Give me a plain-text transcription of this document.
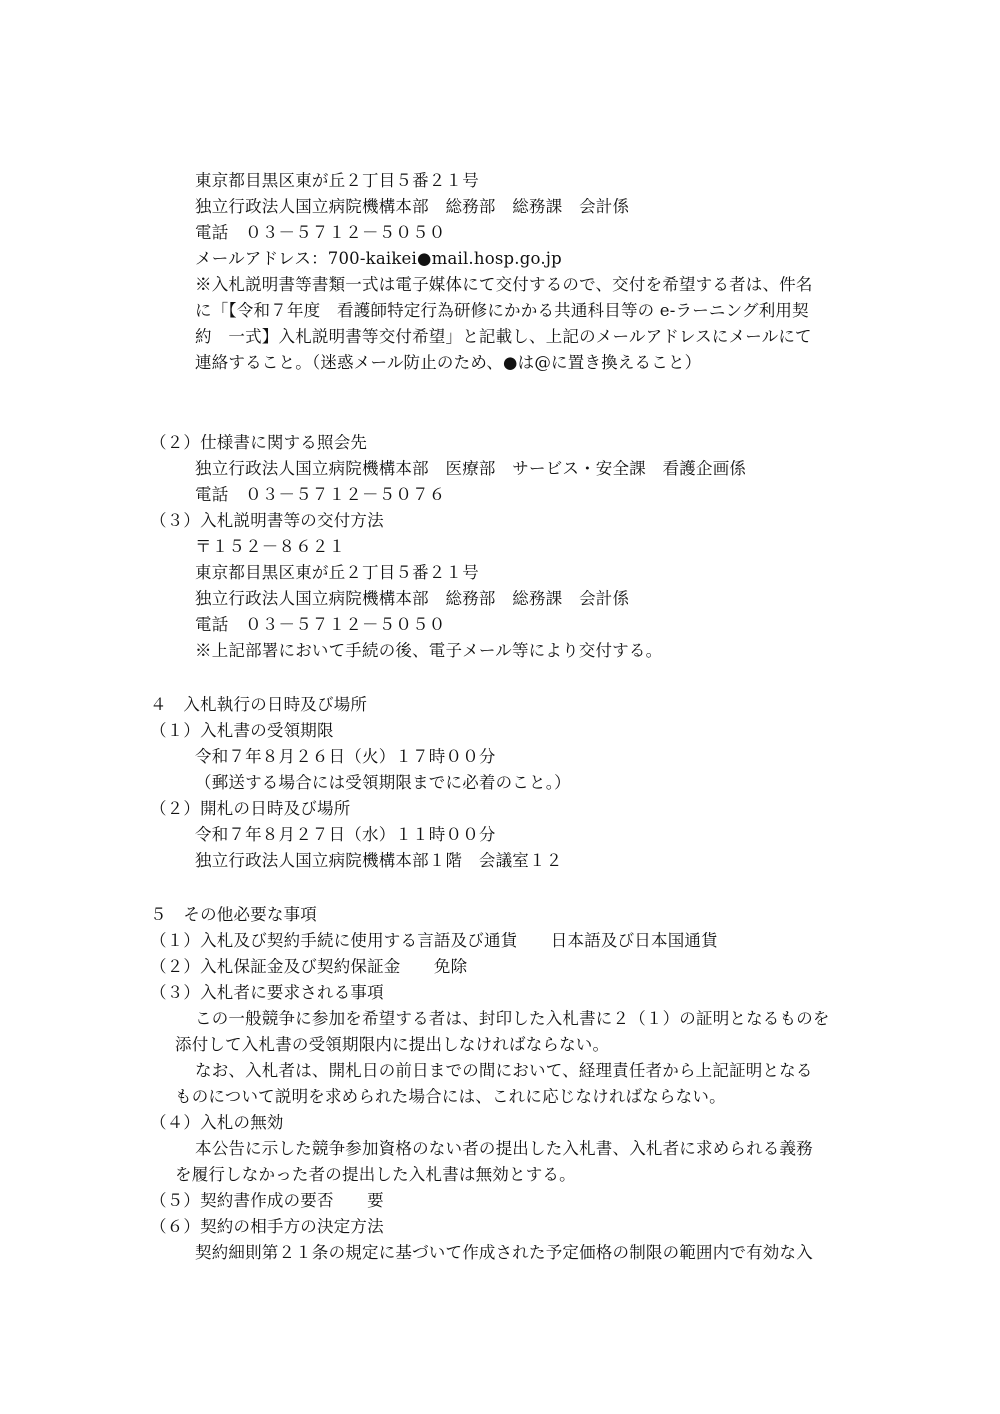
東京都目黒区東が丘２丁目５番２１号
独立行政法人国立病院機構本部　総務部　総務課　会計係
電話　０３－５７１２－５０５０
メールアドレス：700-kaikei●mail.hosp.go.jp
※入札説明書等書類一式は電子媒体にて交付するので、交付を希望する者は、件名
に「【令和７年度　看護師特定行為研修にかかる共通科目等の e-ラーニング利用契
約　一式】入札説明書等交付希望」と記載し、上記のメールアドレスにメールにて
連絡すること。（迷惑メール防止のため、●は@に置き換えること）
（２）仕様書に関する照会先
独立行政法人国立病院機構本部　医療部　サービス・安全課　看護企画係
電話　０３－５７１２－５０７６
（３）入札説明書等の交付方法
〒１５２－８６２１
東京都目黒区東が丘２丁目５番２１号
独立行政法人国立病院機構本部　総務部　総務課　会計係
電話　０３－５７１２－５０５０
※上記部署において手続の後、電子メール等により交付する。
４　入札執行の日時及び場所
（１）入札書の受領期限
令和７年８月２６日（火）１７時００分
（郵送する場合には受領期限までに必着のこと。）
（２）開札の日時及び場所
令和７年８月２７日（水）１１時００分
独立行政法人国立病院機構本部１階　会議室１２
５　その他必要な事項
（１）入札及び契約手続に使用する言語及び通貨　　日本語及び日本国通貨
（２）入札保証金及び契約保証金　　免除
（３）入札者に要求される事項
この一般競争に参加を希望する者は、封印した入札書に２（１）の証明となるものを
添付して入札書の受領期限内に提出しなければならない。
なお、入札者は、開札日の前日までの間において、経理責任者から上記証明となる
ものについて説明を求められた場合には、これに応じなければならない。
（４）入札の無効
本公告に示した競争参加資格のない者の提出した入札書、入札者に求められる義務
を履行しなかった者の提出した入札書は無効とする。
（５）契約書作成の要否　　要
（６）契約の相手方の決定方法
契約細則第２１条の規定に基づいて作成された予定価格の制限の範囲内で有効な入
